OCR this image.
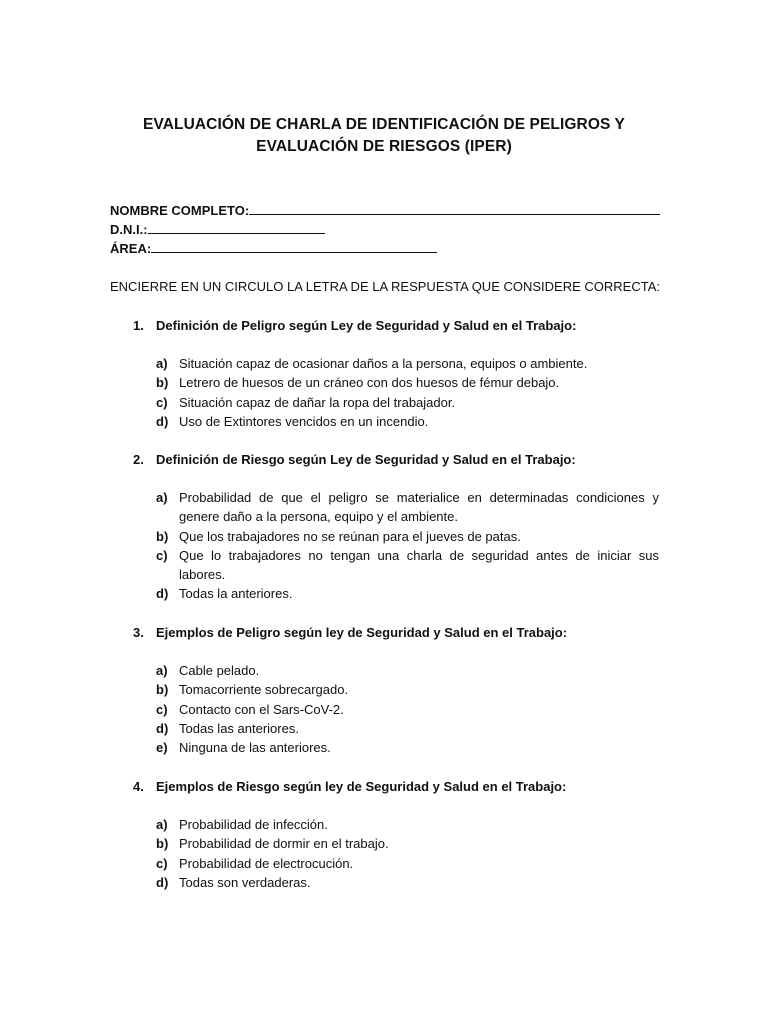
EVALUACIÓN DE CHARLA DE IDENTIFICACIÓN DE PELIGROS Y
EVALUACIÓN DE RIESGOS (IPER)
NOMBRE COMPLETO:
D.N.I.:
ÁREA:
ENCIERRE EN UN CIRCULO LA LETRA DE LA RESPUESTA QUE CONSIDERE CORRECTA:
1. Definición de Peligro según Ley de Seguridad y Salud en el Trabajo:
a) Situación capaz de ocasionar daños a la persona, equipos o ambiente.
b) Letrero de huesos de un cráneo con dos huesos de fémur debajo.
c) Situación capaz de dañar la ropa del trabajador.
d) Uso de Extintores vencidos en un incendio.
2. Definición de Riesgo según Ley de Seguridad y Salud en el Trabajo:
a) Probabilidad de que el peligro se materialice en determinadas condiciones y genere daño a la persona, equipo y el ambiente.
b) Que los trabajadores no se reúnan para el jueves de patas.
c) Que lo trabajadores no tengan una charla de seguridad antes de iniciar sus labores.
d) Todas la anteriores.
3. Ejemplos de Peligro según ley de Seguridad y Salud en el Trabajo:
a) Cable pelado.
b) Tomacorriente sobrecargado.
c) Contacto con el Sars-CoV-2.
d) Todas las anteriores.
e) Ninguna de las anteriores.
4. Ejemplos de Riesgo según ley de Seguridad y Salud en el Trabajo:
a) Probabilidad de infección.
b) Probabilidad de dormir en el trabajo.
c) Probabilidad de electrocución.
d) Todas son verdaderas.
